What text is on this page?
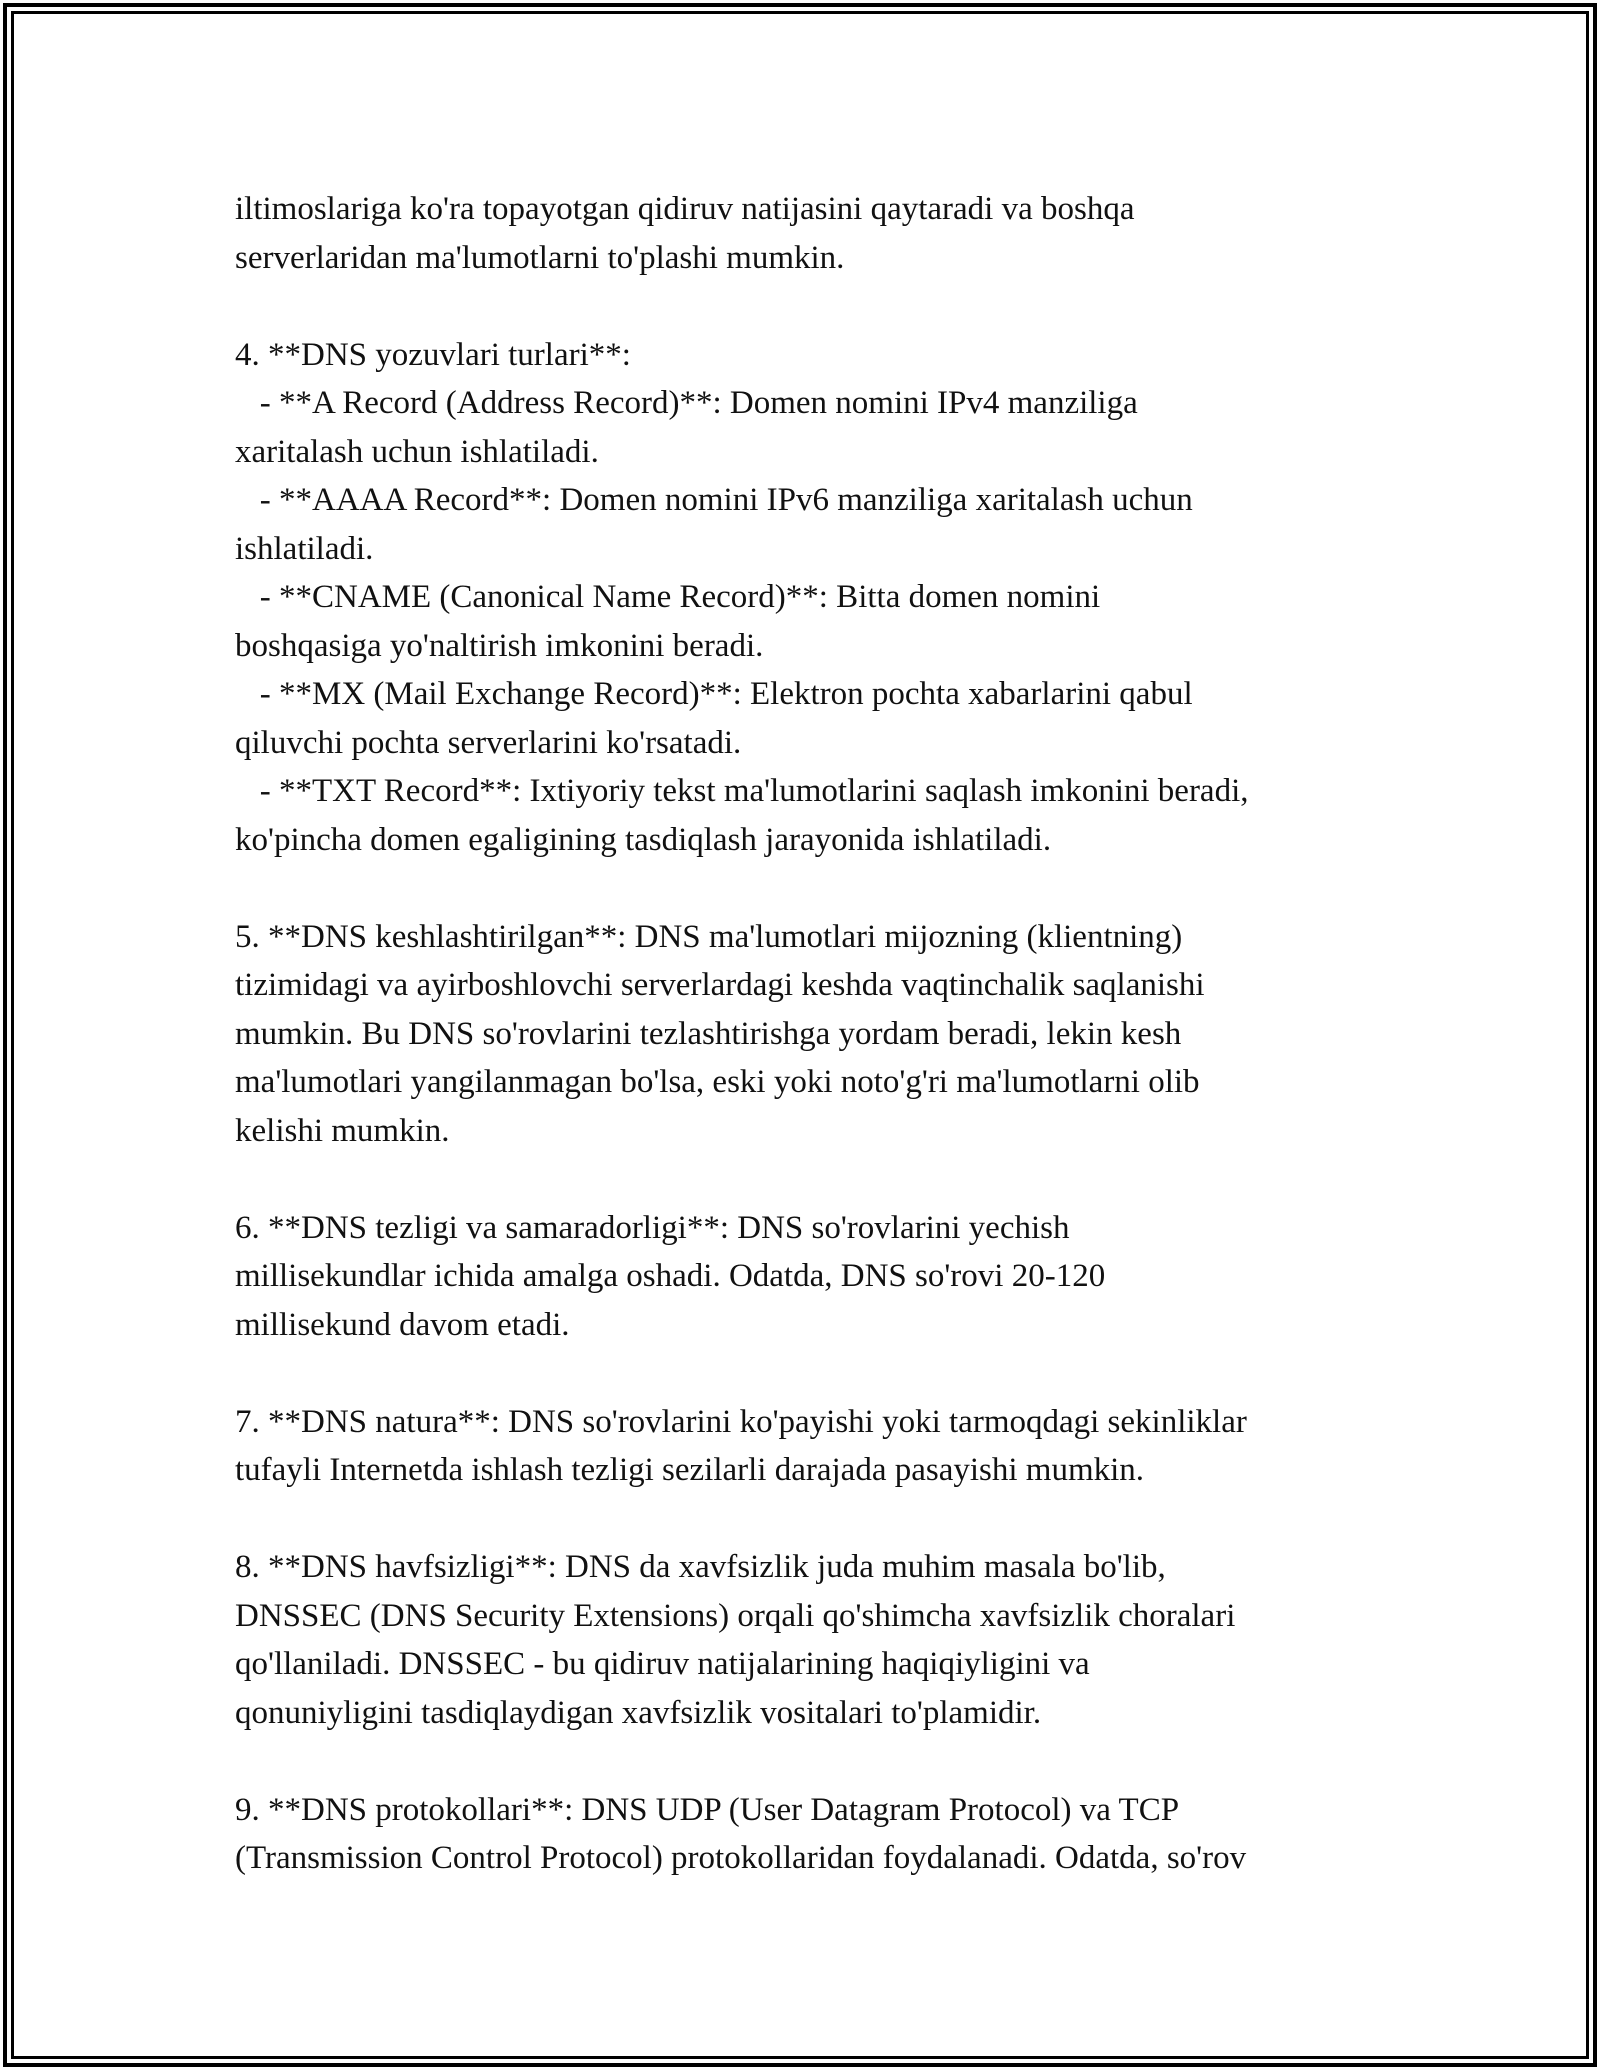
iltimoslariga ko'ra topayotgan qidiruv natijasini qaytaradi va boshqa
serverlaridan ma'lumotlarni to'plashi mumkin.
4. **DNS yozuvlari turlari**:
- **A Record (Address Record)**: Domen nomini IPv4 manziliga
xaritalash uchun ishlatiladi.
- **AAAA Record**: Domen nomini IPv6 manziliga xaritalash uchun
ishlatiladi.
- **CNAME (Canonical Name Record)**: Bitta domen nomini
boshqasiga yo'naltirish imkonini beradi.
- **MX (Mail Exchange Record)**: Elektron pochta xabarlarini qabul
qiluvchi pochta serverlarini ko'rsatadi.
- **TXT Record**: Ixtiyoriy tekst ma'lumotlarini saqlash imkonini beradi,
ko'pincha domen egaligining tasdiqlash jarayonida ishlatiladi.
5. **DNS keshlashtirilgan**: DNS ma'lumotlari mijozning (klientning)
tizimidagi va ayirboshlovchi serverlardagi keshda vaqtinchalik saqlanishi
mumkin. Bu DNS so'rovlarini tezlashtirishga yordam beradi, lekin kesh
ma'lumotlari yangilanmagan bo'lsa, eski yoki noto'g'ri ma'lumotlarni olib
kelishi mumkin.
6. **DNS tezligi va samaradorligi**: DNS so'rovlarini yechish
millisekundlar ichida amalga oshadi. Odatda, DNS so'rovi 20-120
millisekund davom etadi.
7. **DNS natura**: DNS so'rovlarini ko'payishi yoki tarmoqdagi sekinliklar
tufayli Internetda ishlash tezligi sezilarli darajada pasayishi mumkin.
8. **DNS havfsizligi**: DNS da xavfsizlik juda muhim masala bo'lib,
DNSSEC (DNS Security Extensions) orqali qo'shimcha xavfsizlik choralari
qo'llaniladi. DNSSEC - bu qidiruv natijalarining haqiqiyligini va
qonuniyligini tasdiqlaydigan xavfsizlik vositalari to'plamidir.
9. **DNS protokollari**: DNS UDP (User Datagram Protocol) va TCP
(Transmission Control Protocol) protokollaridan foydalanadi. Odatda, so'rov
